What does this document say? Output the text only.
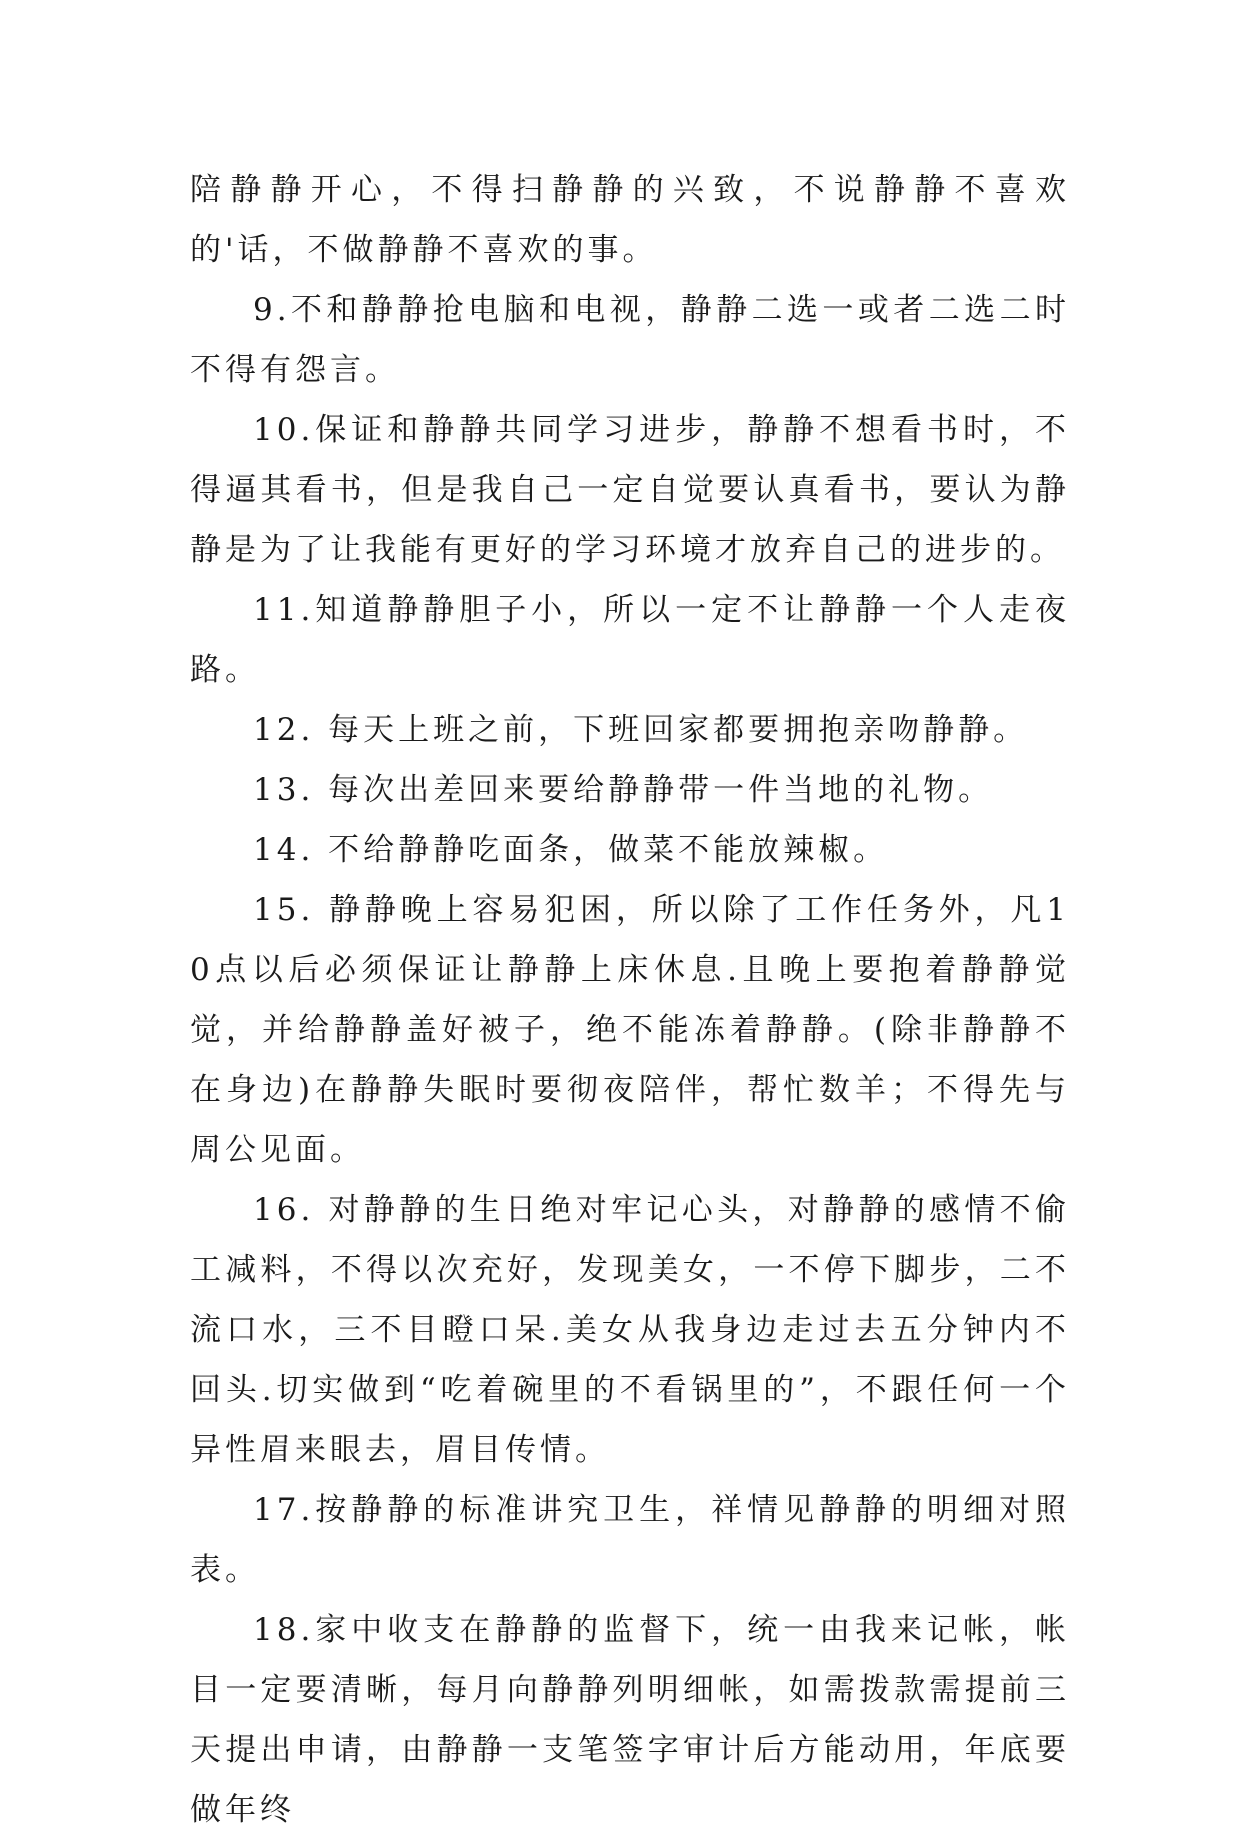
陪静静开心，不得扫静静的兴致，不说静静不喜欢的'话，不做静静不喜欢的事。

9.不和静静抢电脑和电视，静静二选一或者二选二时不得有怨言。

10.保证和静静共同学习进步，静静不想看书时，不得逼其看书，但是我自己一定自觉要认真看书，要认为静静是为了让我能有更好的学习环境才放弃自己的进步的。

11.知道静静胆子小，所以一定不让静静一个人走夜路。

12. 每天上班之前，下班回家都要拥抱亲吻静静。

13. 每次出差回来要给静静带一件当地的礼物。

14. 不给静静吃面条，做菜不能放辣椒。

15. 静静晚上容易犯困，所以除了工作任务外，凡10点以后必须保证让静静上床休息.且晚上要抱着静静觉觉，并给静静盖好被子，绝不能冻着静静。(除非静静不在身边)在静静失眠时要彻夜陪伴，帮忙数羊；不得先与周公见面。

16. 对静静的生日绝对牢记心头，对静静的感情不偷工减料，不得以次充好，发现美女，一不停下脚步，二不流口水，三不目瞪口呆.美女从我身边走过去五分钟内不回头.切实做到“吃着碗里的不看锅里的”，不跟任何一个异性眉来眼去，眉目传情。

17.按静静的标准讲究卫生，祥情见静静的明细对照表。

18.家中收支在静静的监督下，统一由我来记帐，帐目一定要清晰，每月向静静列明细帐，如需拨款需提前三天提出申请，由静静一支笔签字审计后方能动用，年底要做年终
